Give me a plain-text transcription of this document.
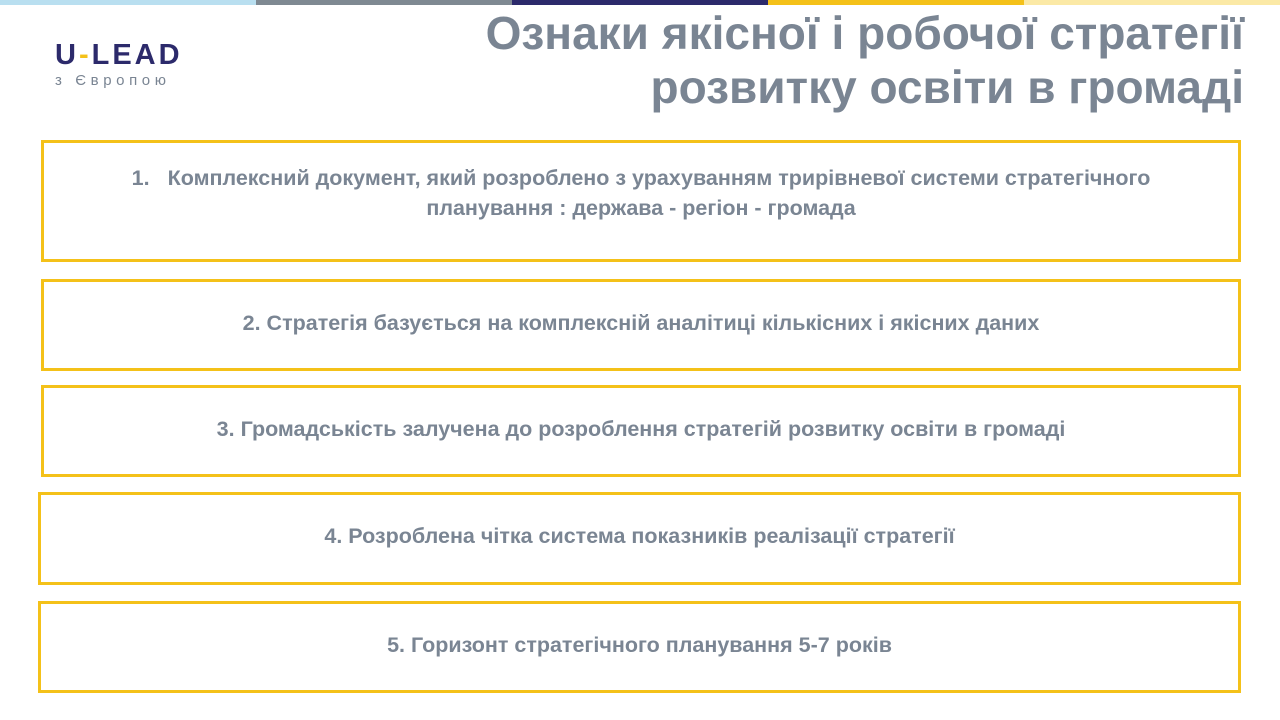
U-LEAD
з Європою
Ознаки якісної і робочої стратегії
розвитку освіти в громаді
1. Комплексний документ, який розроблено з урахуванням трирівневої системи стратегічного
планування : держава - регіон - громада
2. Стратегія базується на комплексній аналітиці кількісних і якісних даних
3. Громадськість залучена до розроблення стратегій розвитку освіти в громаді
4. Розроблена чітка система показників реалізації стратегії
5. Горизонт стратегічного планування 5-7 років
